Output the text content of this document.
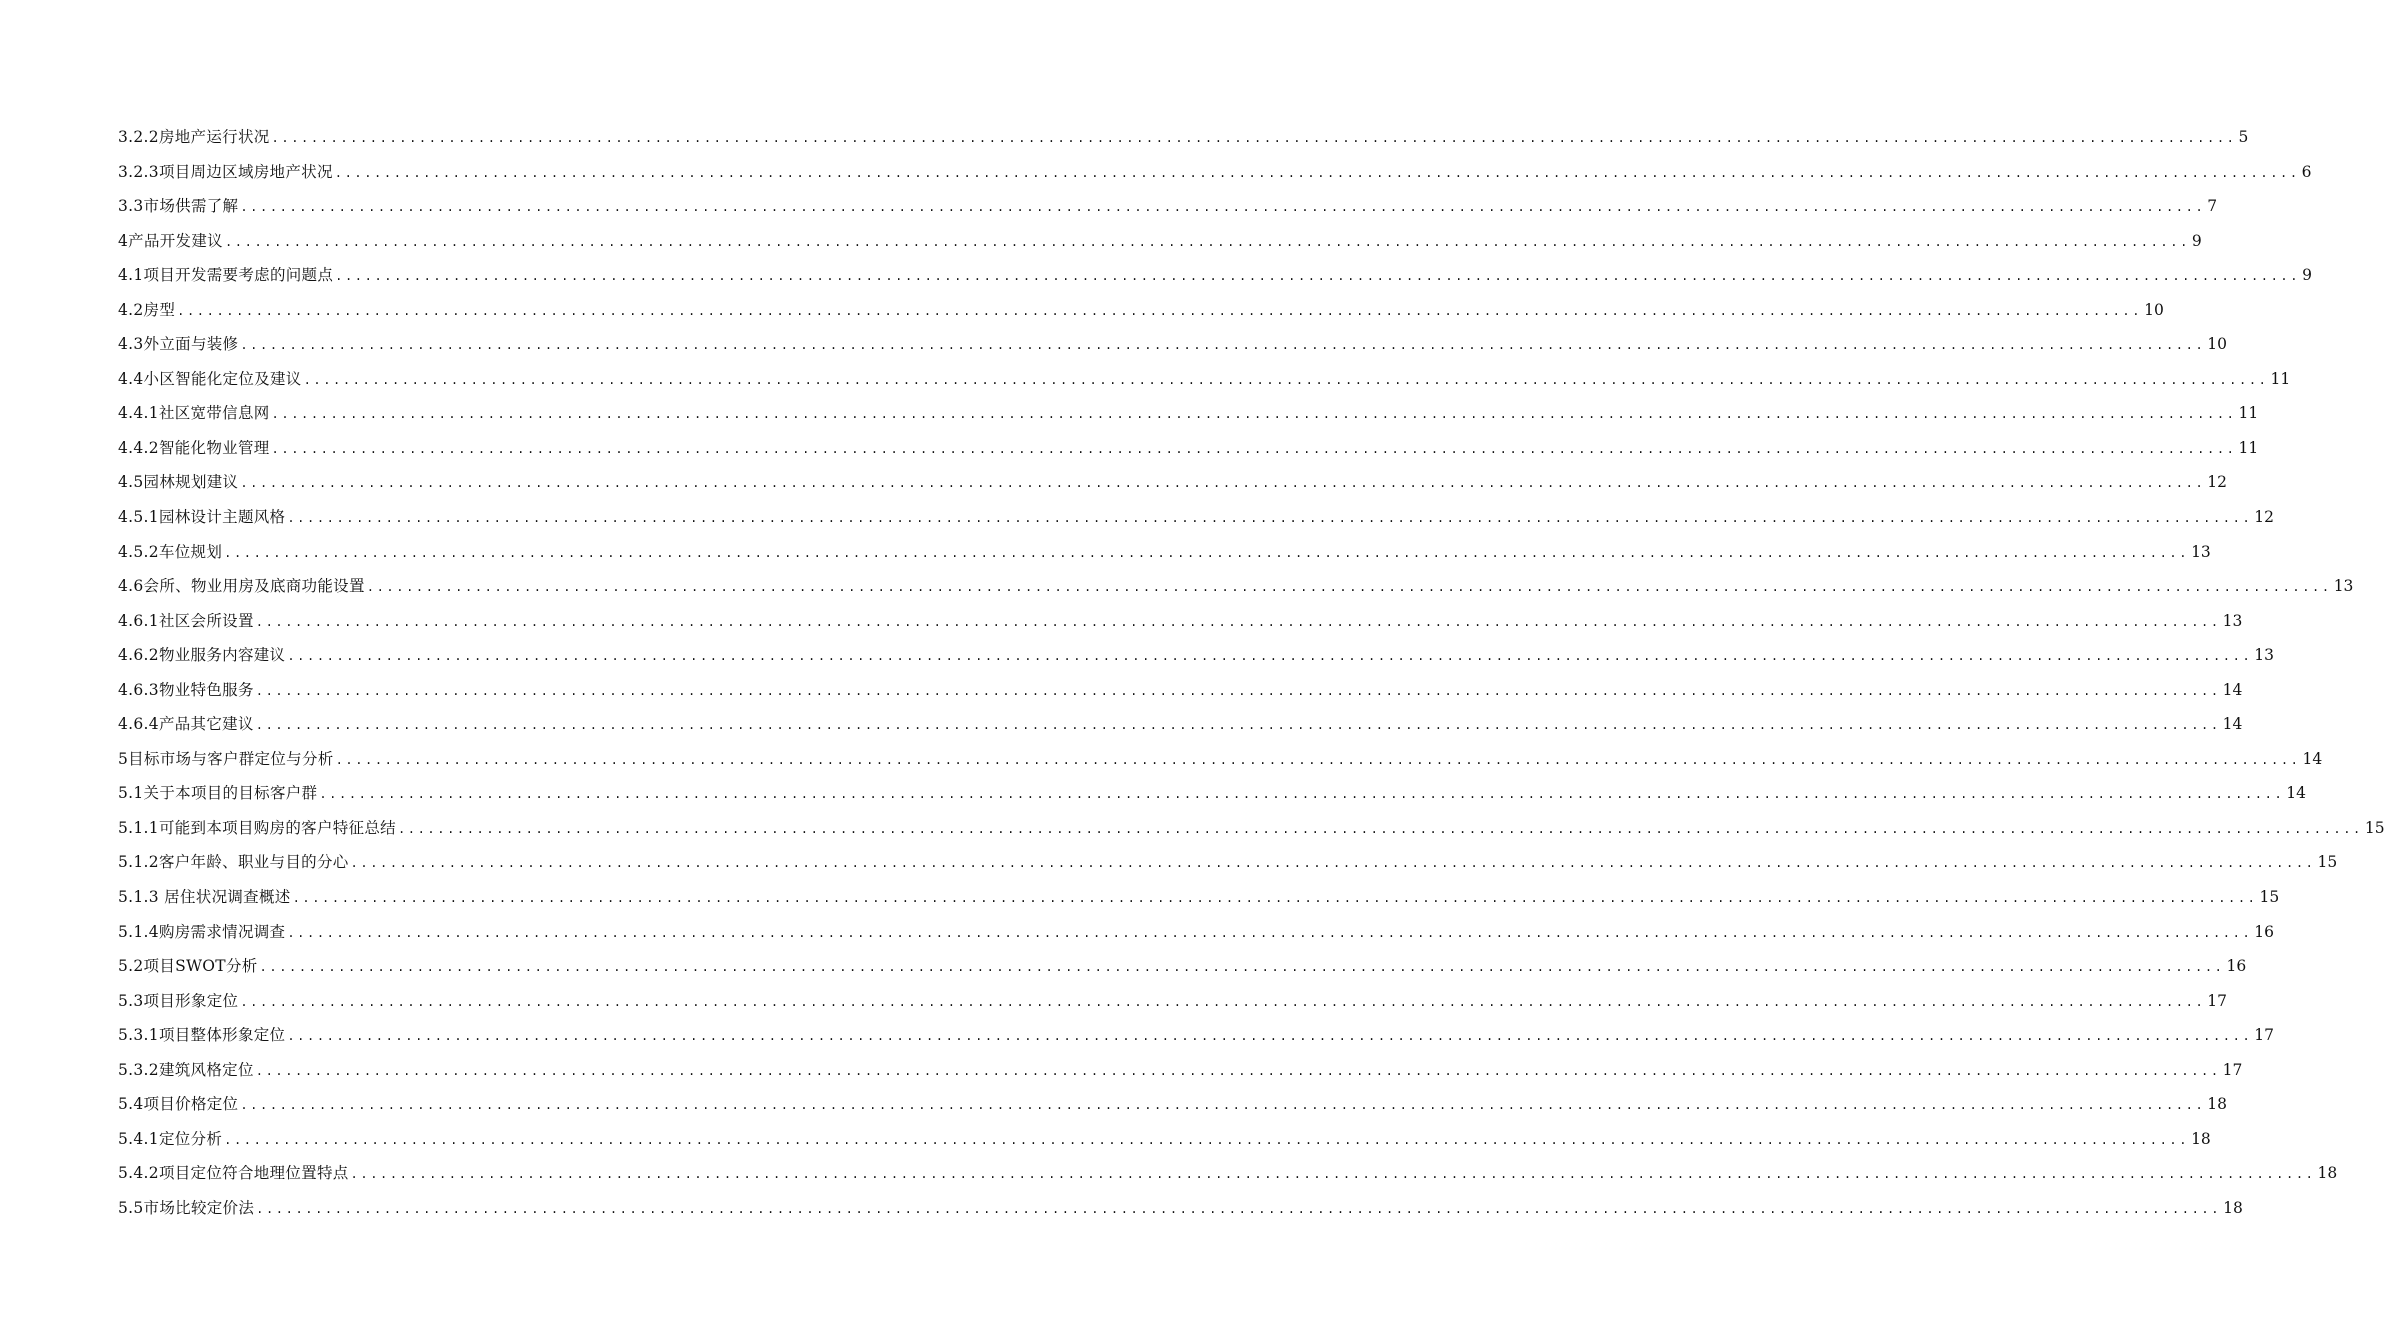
3.2.2房地产运行状况 ........................................................................................................................................................................................................ 5
3.2.3项目周边区域房地产状况 ........................................................................................................................................................................................................ 6
3.3市场供需了解 ........................................................................................................................................................................................................ 7
4产品开发建议 ........................................................................................................................................................................................................ 9
4.1项目开发需要考虑的问题点 ........................................................................................................................................................................................................ 9
4.2房型 ........................................................................................................................................................................................................ 10
4.3外立面与装修 ........................................................................................................................................................................................................ 10
4.4小区智能化定位及建议 ........................................................................................................................................................................................................ 11
4.4.1社区宽带信息网 ........................................................................................................................................................................................................ 11
4.4.2智能化物业管理 ........................................................................................................................................................................................................ 11
4.5园林规划建议 ........................................................................................................................................................................................................ 12
4.5.1园林设计主题风格 ........................................................................................................................................................................................................ 12
4.5.2车位规划 ........................................................................................................................................................................................................ 13
4.6会所、物业用房及底商功能设置 ........................................................................................................................................................................................................ 13
4.6.1社区会所设置 ........................................................................................................................................................................................................ 13
4.6.2物业服务内容建议 ........................................................................................................................................................................................................ 13
4.6.3物业特色服务 ........................................................................................................................................................................................................ 14
4.6.4产品其它建议 ........................................................................................................................................................................................................ 14
5目标市场与客户群定位与分析 ........................................................................................................................................................................................................ 14
5.1关于本项目的目标客户群 ........................................................................................................................................................................................................ 14
5.1.1可能到本项目购房的客户特征总结 ........................................................................................................................................................................................................ 15
5.1.2客户年龄、职业与目的分心 ........................................................................................................................................................................................................ 15
5.1.3 居住状况调查概述 ........................................................................................................................................................................................................ 15
5.1.4购房需求情况调查 ........................................................................................................................................................................................................ 16
5.2项目SWOT分析 ........................................................................................................................................................................................................ 16
5.3项目形象定位 ........................................................................................................................................................................................................ 17
5.3.1项目整体形象定位 ........................................................................................................................................................................................................ 17
5.3.2建筑风格定位 ........................................................................................................................................................................................................ 17
5.4项目价格定位 ........................................................................................................................................................................................................ 18
5.4.1定位分析 ........................................................................................................................................................................................................ 18
5.4.2项目定位符合地理位置特点 ........................................................................................................................................................................................................ 18
5.5市场比较定价法 ........................................................................................................................................................................................................ 18
